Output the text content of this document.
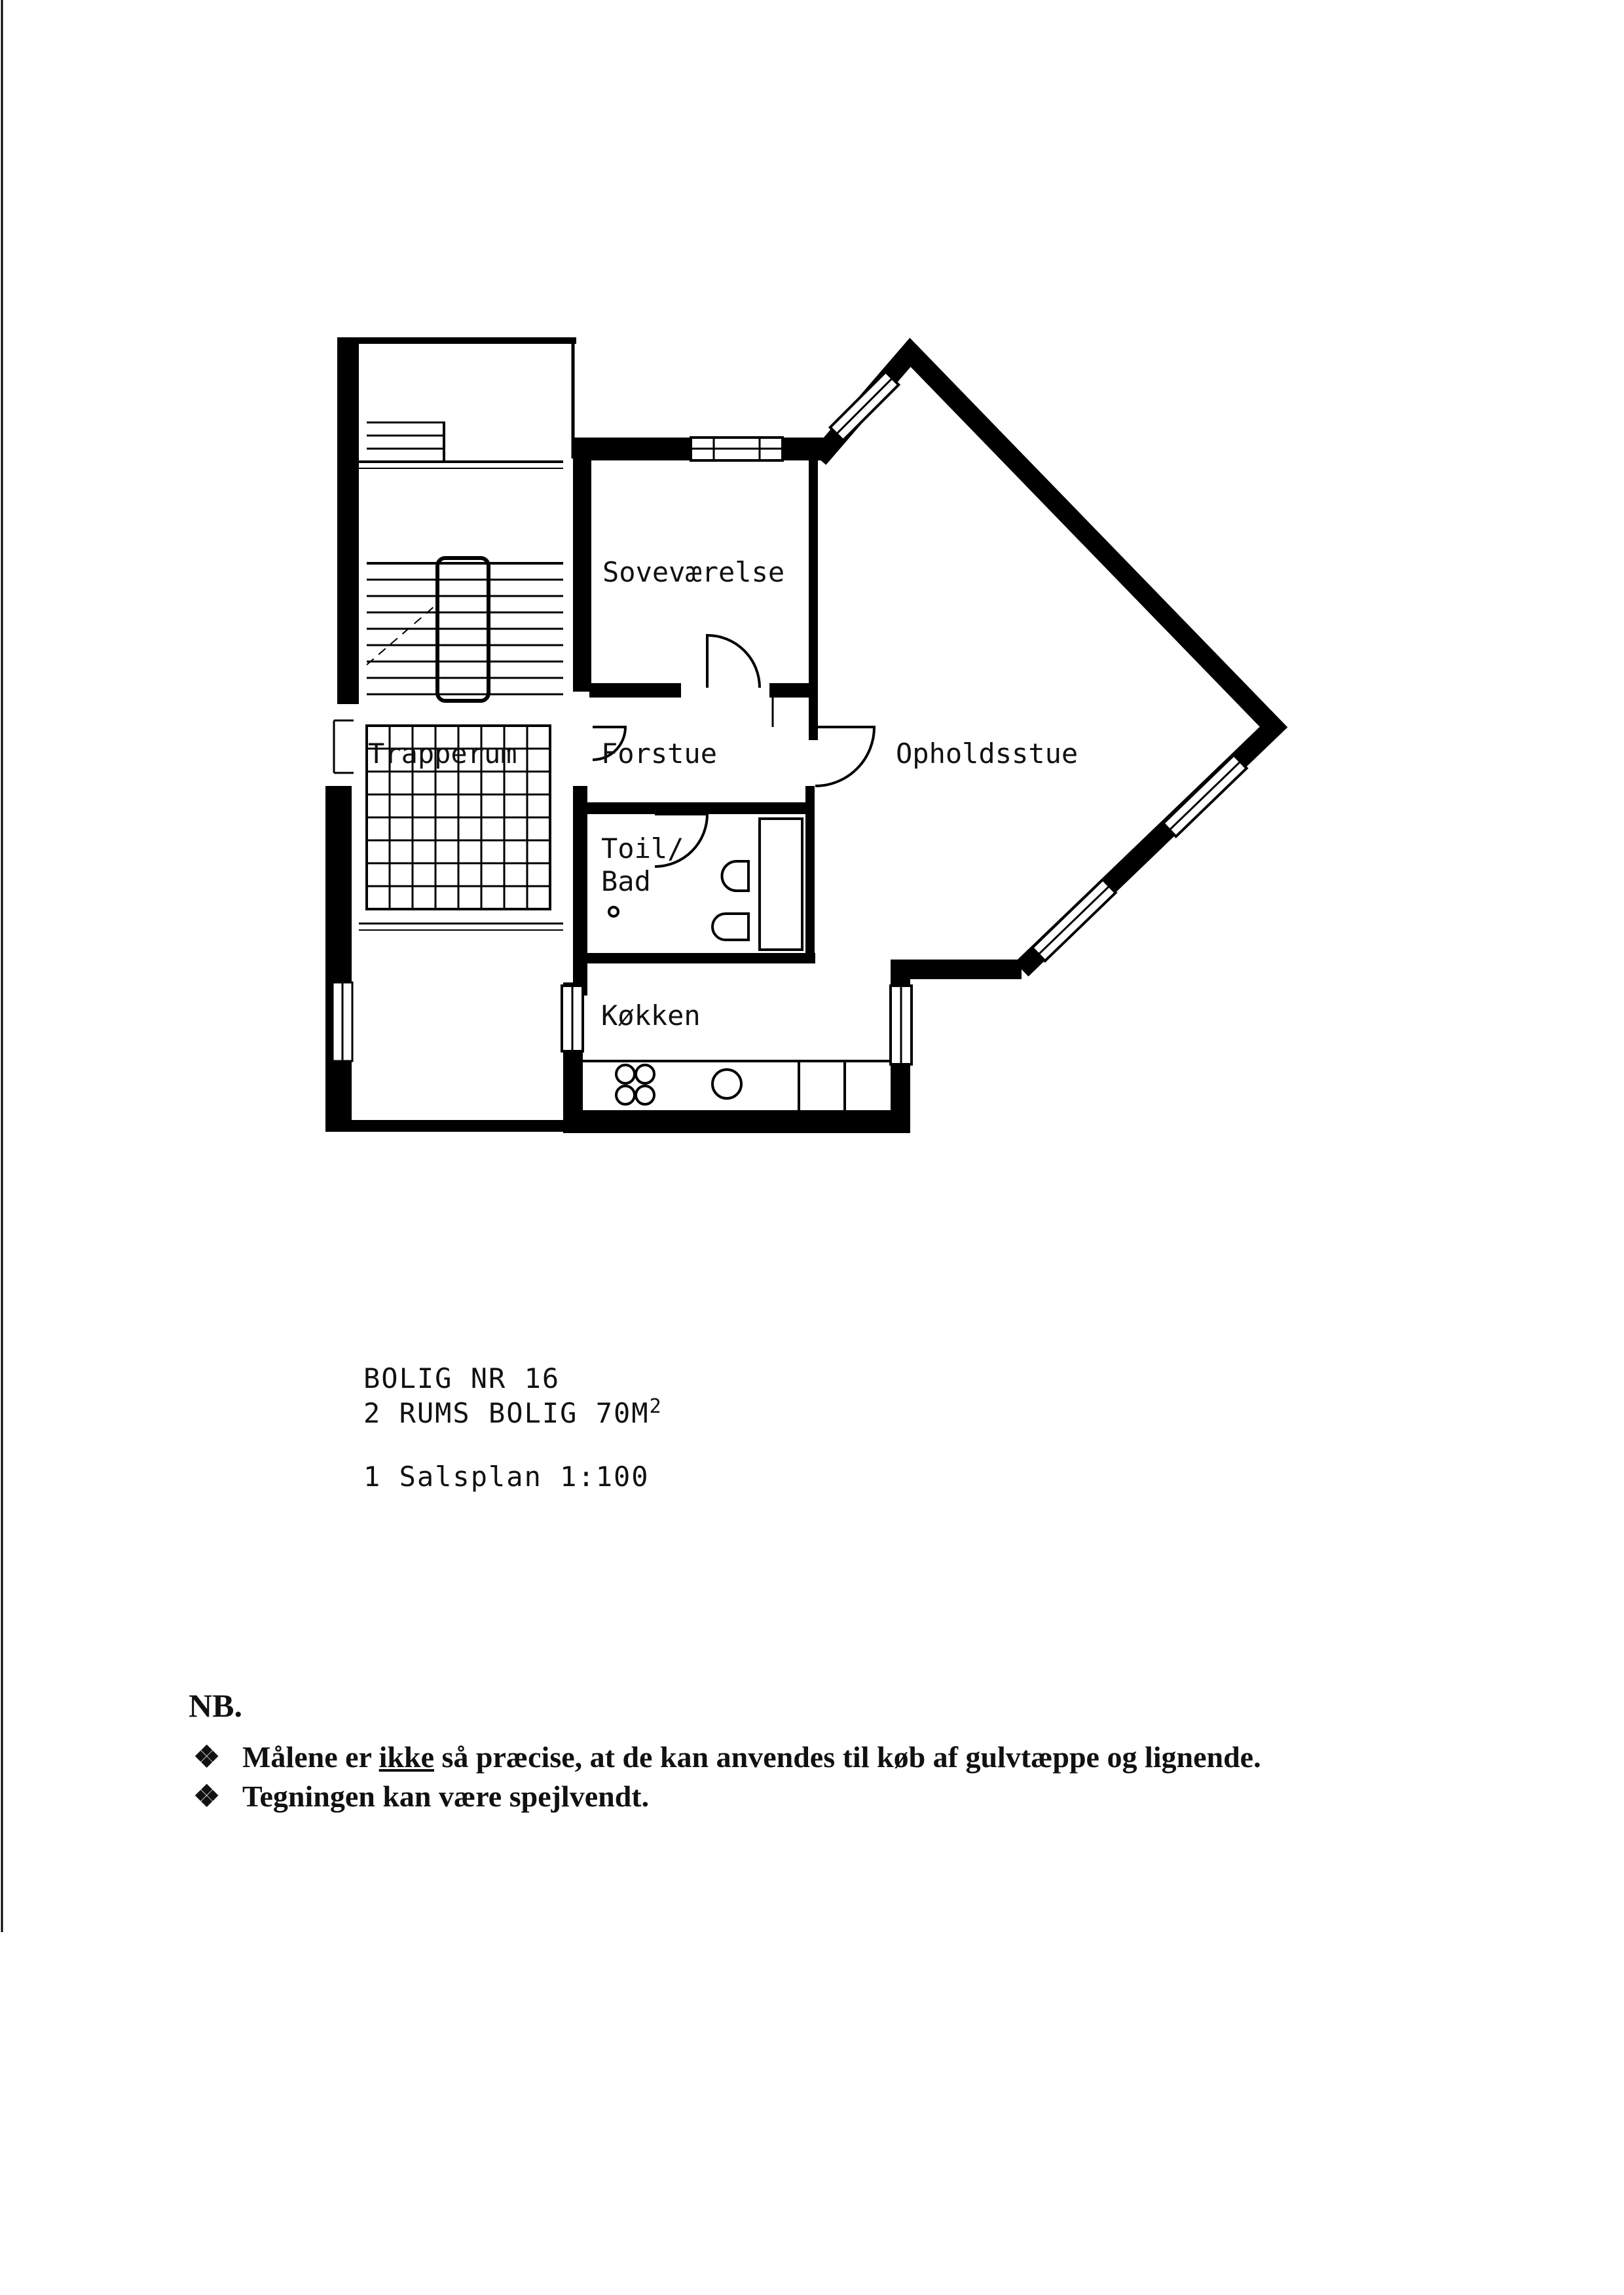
Soveværelse
Trapperum	Forstue	Opholdsstue
Toil/
Bad
Køkken
BOLIG NR 16
2 RUMS BOLIG $70M^2$
1 Salsplan 1:100
NB.
❖ Målene er ikke så præcise, at de kan anvendes til køb af gulvtæppe og lignende.
❖ Tegningen kan være spejlvendt.
